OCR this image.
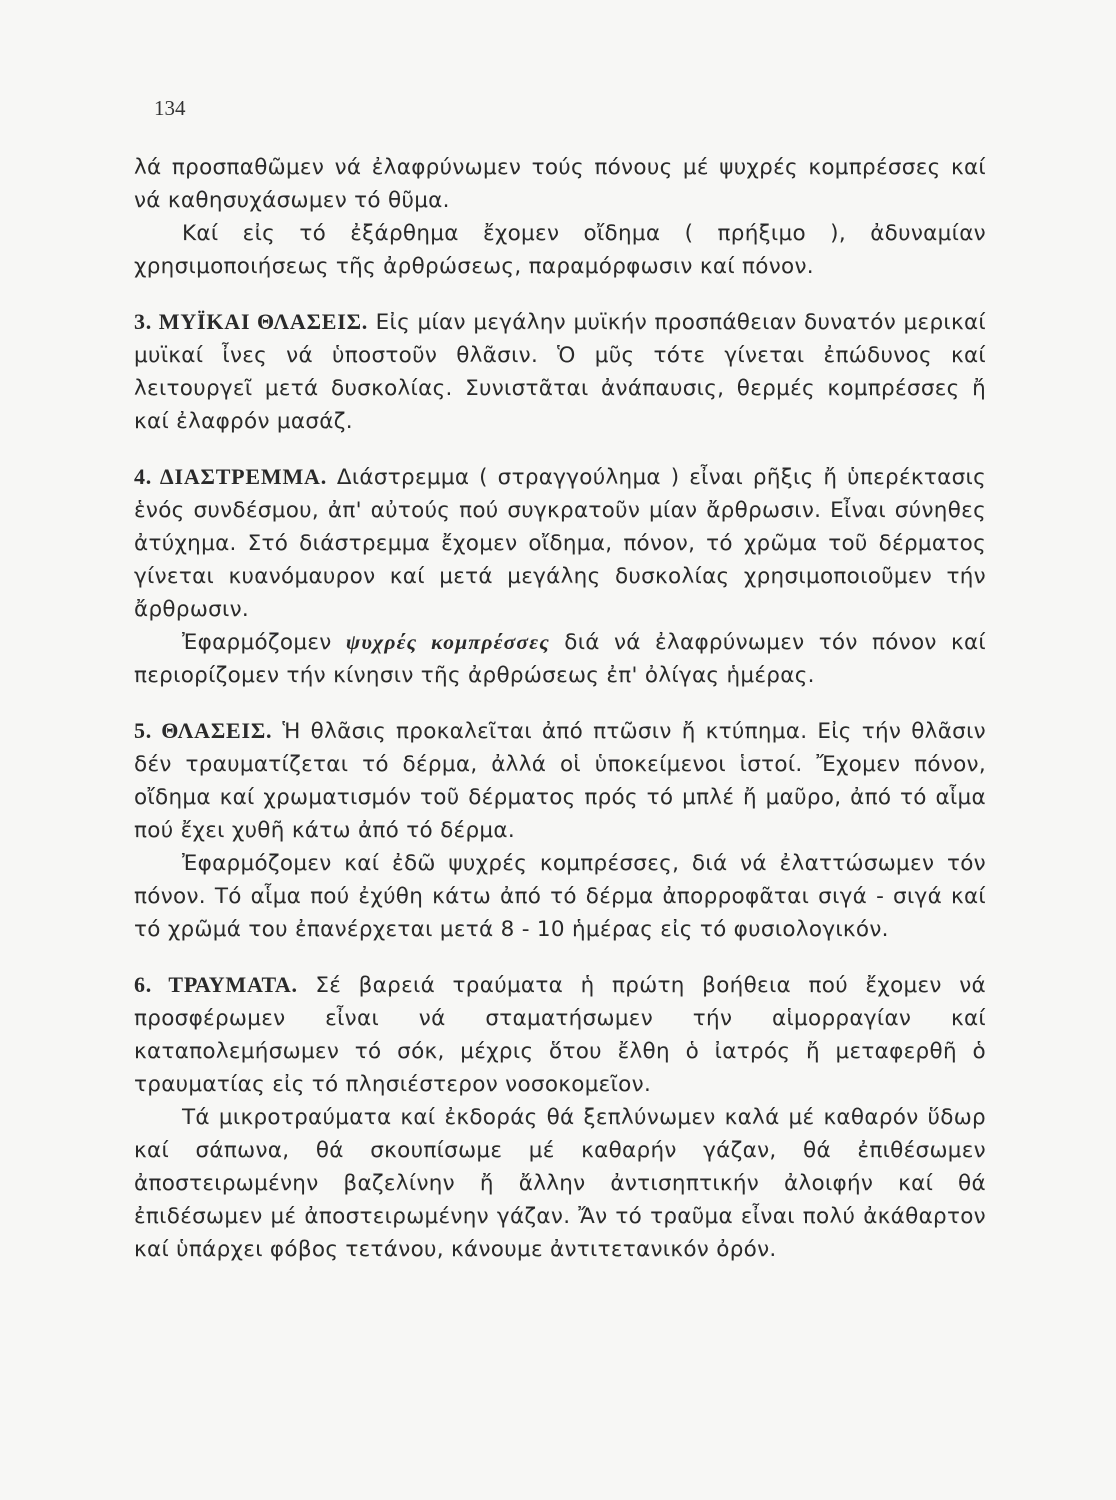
134

λά προσπαθῶμεν νά ἐλαφρύνωμεν τούς πόνους μέ ψυχρές κομπρέσσες καί νά καθησυχάσωμεν τό θῦμα.

Καί εἰς τό ἐξάρθημα ἔχομεν οἴδημα ( πρήξιμο ), ἀδυναμίαν χρησιμοποιήσεως τῆς ἀρθρώσεως, παραμόρφωσιν καί πόνον.

3. ΜΥΪΚΑΙ ΘΛΑΣΕΙΣ. Εἰς μίαν μεγάλην μυϊκήν προσπάθειαν δυνατόν μερικαί μυϊκαί ἶνες νά ὑποστοῦν θλᾶσιν. Ὁ μῦς τότε γίνεται ἐπώδυνος καί λειτουργεῖ μετά δυσκολίας. Συνιστᾶται ἀνάπαυσις, θερμές κομπρέσσες ἤ καί ἐλαφρόν μασάζ.

4. ΔΙΑΣΤΡΕΜΜΑ. Διάστρεμμα ( στραγγούλημα ) εἶναι ρῆξις ἤ ὑπερέκτασις ἑνός συνδέσμου, ἀπ' αὐτούς πού συγκρατοῦν μίαν ἄρθρωσιν. Εἶναι σύνηθες ἀτύχημα. Στό διάστρεμμα ἔχομεν οἴδημα, πόνον, τό χρῶμα τοῦ δέρματος γίνεται κυανόμαυρον καί μετά μεγάλης δυσκολίας χρησιμοποιοῦμεν τήν ἄρθρωσιν.

Ἐφαρμόζομεν ψυχρές κομπρέσσες διά νά ἐλαφρύνωμεν τόν πόνον καί περιορίζομεν τήν κίνησιν τῆς ἀρθρώσεως ἐπ' ὀλίγας ἡμέρας.

5. ΘΛΑΣΕΙΣ. Ἡ θλᾶσις προκαλεῖται ἀπό πτῶσιν ἤ κτύπημα. Εἰς τήν θλᾶσιν δέν τραυματίζεται τό δέρμα, ἀλλά οἱ ὑποκείμενοι ἱστοί. Ἔχομεν πόνον, οἴδημα καί χρωματισμόν τοῦ δέρματος πρός τό μπλέ ἤ μαῦρο, ἀπό τό αἷμα πού ἔχει χυθῆ κάτω ἀπό τό δέρμα.

Ἐφαρμόζομεν καί ἐδῶ ψυχρές κομπρέσσες, διά νά ἐλαττώσωμεν τόν πόνον. Τό αἷμα πού ἐχύθη κάτω ἀπό τό δέρμα ἀπορροφᾶται σιγά - σιγά καί τό χρῶμά του ἐπανέρχεται μετά 8 - 10 ἡμέρας εἰς τό φυσιολογικόν.

6. ΤΡΑΥΜΑΤΑ. Σέ βαρειά τραύματα ἡ πρώτη βοήθεια πού ἔχομεν νά προσφέρωμεν εἶναι νά σταματήσωμεν τήν αἱμορραγίαν καί καταπολεμήσωμεν τό σόκ, μέχρις ὅτου ἔλθη ὁ ἰατρός ἤ μεταφερθῆ ὁ τραυματίας εἰς τό πλησιέστερον νοσοκομεῖον.

Τά μικροτραύματα καί ἐκδοράς θά ξεπλύνωμεν καλά μέ καθαρόν ὕδωρ καί σάπωνα, θά σκουπίσωμε μέ καθαρήν γάζαν, θά ἐπιθέσωμεν ἀποστειρωμένην βαζελίνην ἤ ἄλλην ἀντισηπτικήν ἀλοιφήν καί θά ἐπιδέσωμεν μέ ἀποστειρωμένην γάζαν. Ἄν τό τραῦμα εἶναι πολύ ἀκάθαρτον καί ὑπάρχει φόβος τετάνου, κάνουμε ἀντιτετανικόν ὀρόν.
